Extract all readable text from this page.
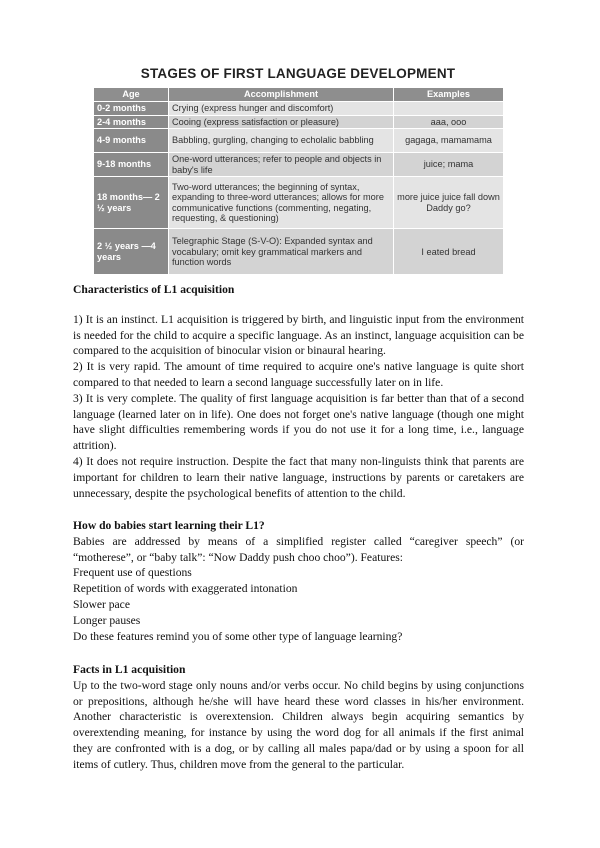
STAGES OF FIRST LANGUAGE DEVELOPMENT
Age	Accomplishment	Examples
0-2 months	Crying (express hunger and discomfort)	
2-4 months	Cooing (express satisfaction or pleasure)	aaa, ooo
4-9 months	Babbling, gurgling, changing to echolalic babbling	gagaga, mamamama
9-18 months	One-word utterances; refer to people and objects in baby's life	juice; mama
18 months— 2 ½ years	Two-word utterances; the beginning of syntax, expanding to three-word utterances; allows for more communicative functions (commenting, negating, requesting, & questioning)	more juice juice fall down Daddy go?
2 ½ years —4 years	Telegraphic Stage (S-V-O): Expanded syntax and vocabulary; omit key grammatical markers and function words	I eated bread

Characteristics of L1 acquisition

1) It is an instinct. L1 acquisition is triggered by birth, and linguistic input from the environment is needed for the child to acquire a specific language. As an instinct, language acquisition can be compared to the acquisition of binocular vision or binaural hearing.

2) It is very rapid. The amount of time required to acquire one's native language is quite short compared to that needed to learn a second language successfully later on in life.

3) It is very complete. The quality of first language acquisition is far better than that of a second language (learned later on in life). One does not forget one's native language (though one might have slight difficulties remembering words if you do not use it for a long time, i.e., language attrition).

4) It does not require instruction. Despite the fact that many non-linguists think that parents are important for children to learn their native language, instructions by parents or caretakers are unnecessary, despite the psychological benefits of attention to the child.

How do babies start learning their L1?

Babies are addressed by means of a simplified register called “caregiver speech” (or “motherese”, or “baby talk”: “Now Daddy push choo choo”). Features:

Frequent use of questions

Repetition of words with exaggerated intonation

Slower pace

Longer pauses

Do these features remind you of some other type of language learning?

Facts in L1 acquisition

Up to the two-word stage only nouns and/or verbs occur. No child begins by using conjunctions or prepositions, although he/she will have heard these word classes in his/her environment. Another characteristic is overextension. Children always begin acquiring semantics by overextending meaning, for instance by using the word dog for all animals if the first animal they are confronted with is a dog, or by calling all males papa/dad or by using a spoon for all items of cutlery. Thus, children move from the general to the particular.
